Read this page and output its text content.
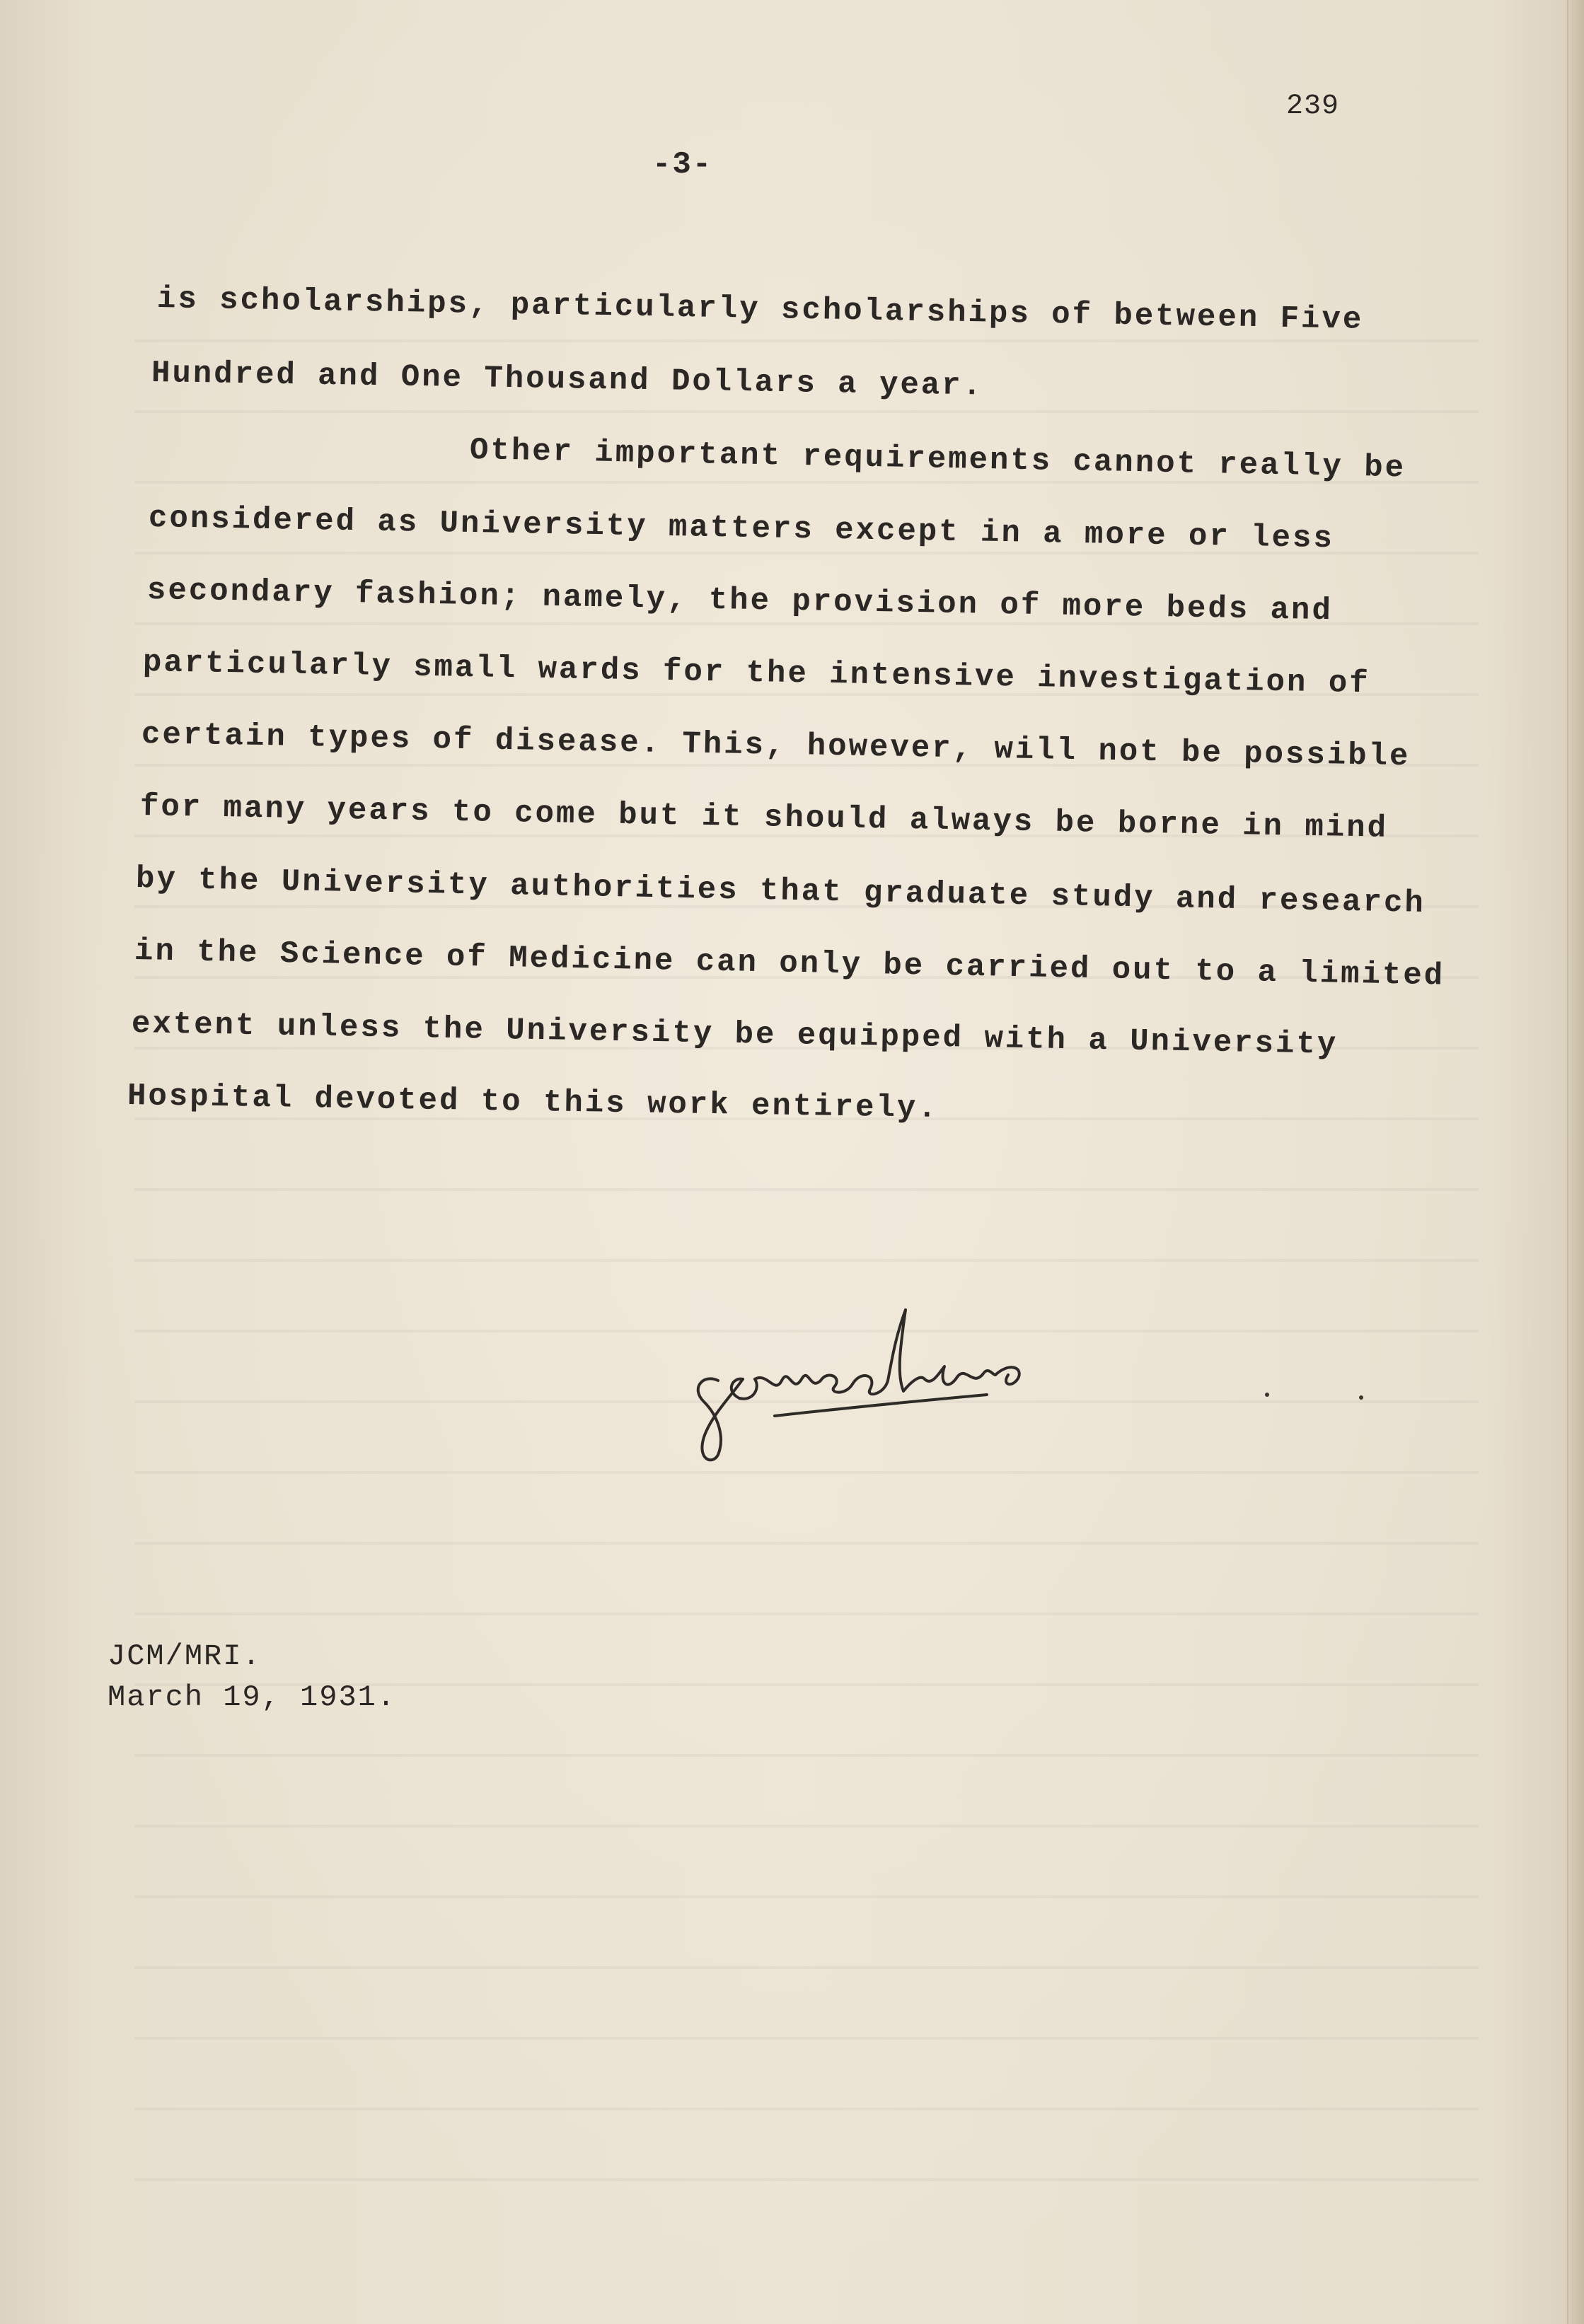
239
-3-
is scholarships, particularly scholarships of between Five
Hundred and One Thousand Dollars a year.
Other important requirements cannot really be
considered as University matters except in a more or less
secondary fashion; namely, the provision of more beds and
particularly small wards for the intensive investigation of
certain types of disease. This, however, will not be possible
for many years to come but it should always be borne in mind
by the University authorities that graduate study and research
in the Science of Medicine can only be carried out to a limited
extent unless the University be equipped with a University
Hospital devoted to this work entirely.
JCM/MRI.
March 19, 1931.
